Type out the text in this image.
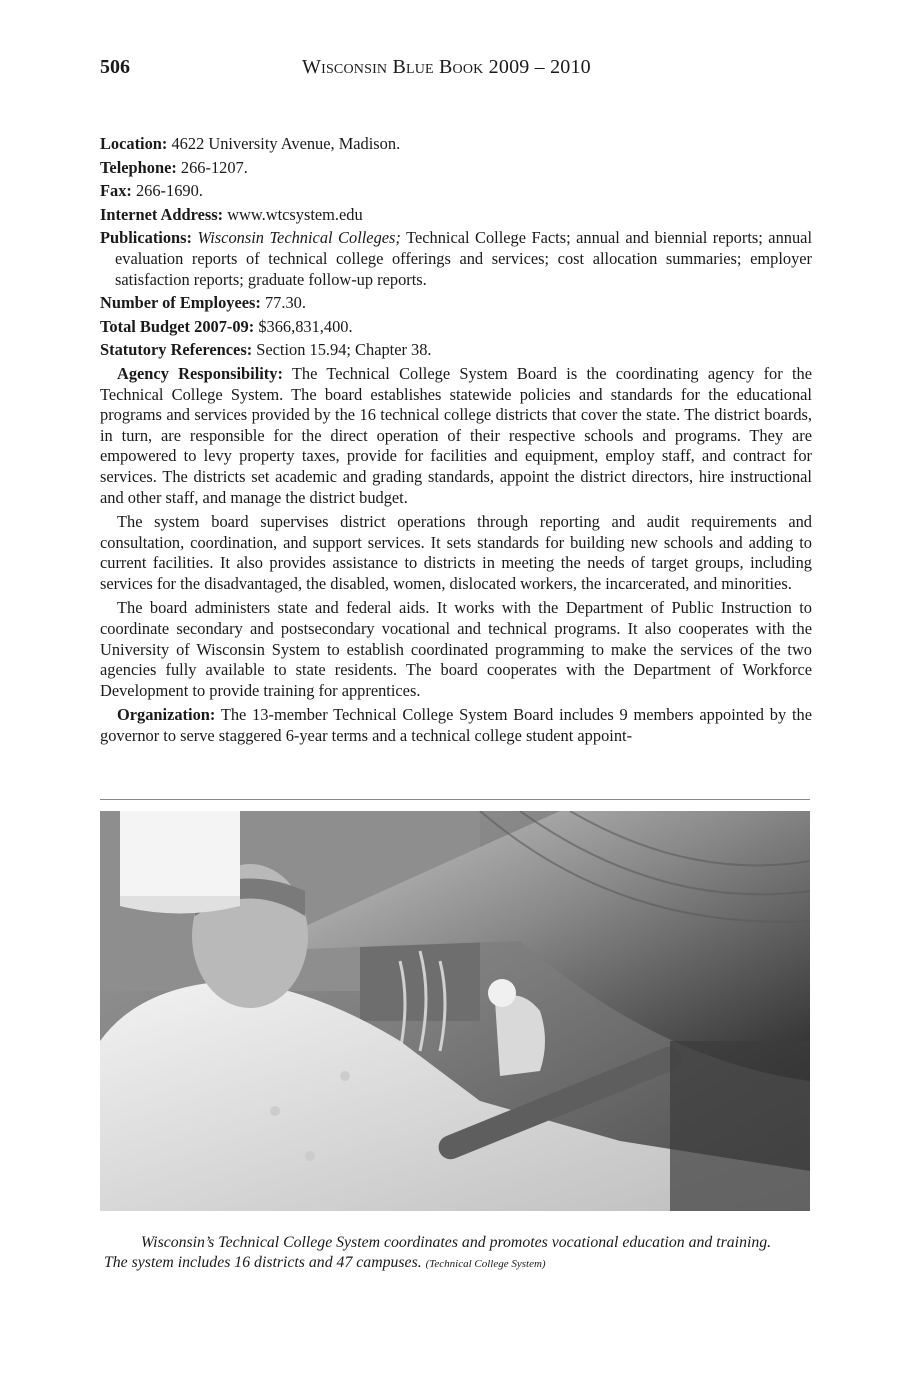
506	Wisconsin Blue Book 2009 – 2010

Location: 4622 University Avenue, Madison.

Telephone: 266-1207.

Fax: 266-1690.

Internet Address: www.wtcsystem.edu

Publications: Wisconsin Technical Colleges; Technical College Facts; annual and biennial reports; annual evaluation reports of technical college offerings and services; cost allocation summaries; employer satisfaction reports; graduate follow-up reports.

Number of Employees: 77.30.

Total Budget 2007-09: $366,831,400.

Statutory References: Section 15.94; Chapter 38.

Agency Responsibility: The Technical College System Board is the coordinating agency for the Technical College System. The board establishes statewide policies and standards for the educational programs and services provided by the 16 technical college districts that cover the state. The district boards, in turn, are responsible for the direct operation of their respective schools and programs. They are empowered to levy property taxes, provide for facilities and equipment, employ staff, and contract for services. The districts set academic and grading standards, appoint the district directors, hire instructional and other staff, and manage the district budget.

The system board supervises district operations through reporting and audit requirements and consultation, coordination, and support services. It sets standards for building new schools and adding to current facilities. It also provides assistance to districts in meeting the needs of target groups, including services for the disadvantaged, the disabled, women, dislocated workers, the incarcerated, and minorities.

The board administers state and federal aids. It works with the Department of Public Instruction to coordinate secondary and postsecondary vocational and technical programs. It also cooperates with the University of Wisconsin System to establish coordinated programming to make the services of the two agencies fully available to state residents. The board cooperates with the Department of Workforce Development to provide training for apprentices.

Organization: The 13-member Technical College System Board includes 9 members appointed by the governor to serve staggered 6-year terms and a technical college student appoint-

Wisconsin’s Technical College System coordinates and promotes vocational education and training.
The system includes 16 districts and 47 campuses. (Technical College System)
